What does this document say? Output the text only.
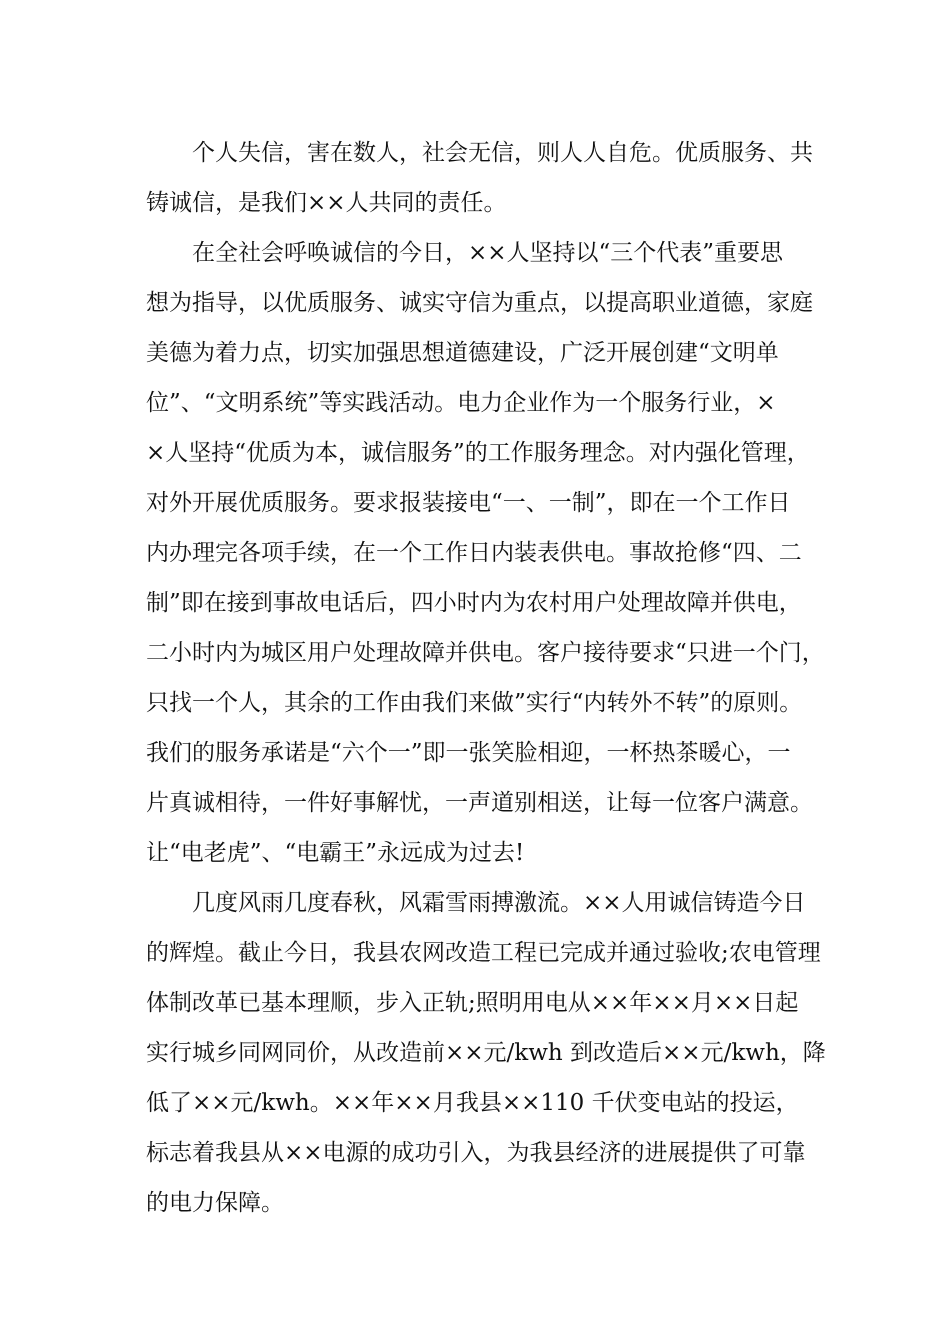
个人失信，害在数人，社会无信，则人人自危。优质服务、共
铸诚信，是我们××人共同的责任。
在全社会呼唤诚信的今日，××人坚持以“三个代表”重要思
想为指导，以优质服务、诚实守信为重点，以提高职业道德，家庭
美德为着力点，切实加强思想道德建设，广泛开展创建“文明单
位”、“文明系统”等实践活动。电力企业作为一个服务行业，×
×人坚持“优质为本，诚信服务”的工作服务理念。对内强化管理，
对外开展优质服务。要求报装接电“一、一制”，即在一个工作日
内办理完各项手续，在一个工作日内装表供电。事故抢修“四、二
制”即在接到事故电话后，四小时内为农村用户处理故障并供电，
二小时内为城区用户处理故障并供电。客户接待要求“只进一个门，
只找一个人，其余的工作由我们来做”实行“内转外不转”的原则。
我们的服务承诺是“六个一”即一张笑脸相迎，一杯热茶暖心，一
片真诚相待，一件好事解忧，一声道别相送，让每一位客户满意。
让“电老虎”、“电霸王”永远成为过去!
几度风雨几度春秋，风霜雪雨搏激流。××人用诚信铸造今日
的辉煌。截止今日，我县农网改造工程已完成并通过验收;农电管理
体制改革已基本理顺，步入正轨;照明用电从××年××月××日起
实行城乡同网同价，从改造前××元/kwh 到改造后××元/kwh，降
低了××元/kwh。××年××月我县××110 千伏变电站的投运，
标志着我县从××电源的成功引入，为我县经济的进展提供了可靠
的电力保障。
